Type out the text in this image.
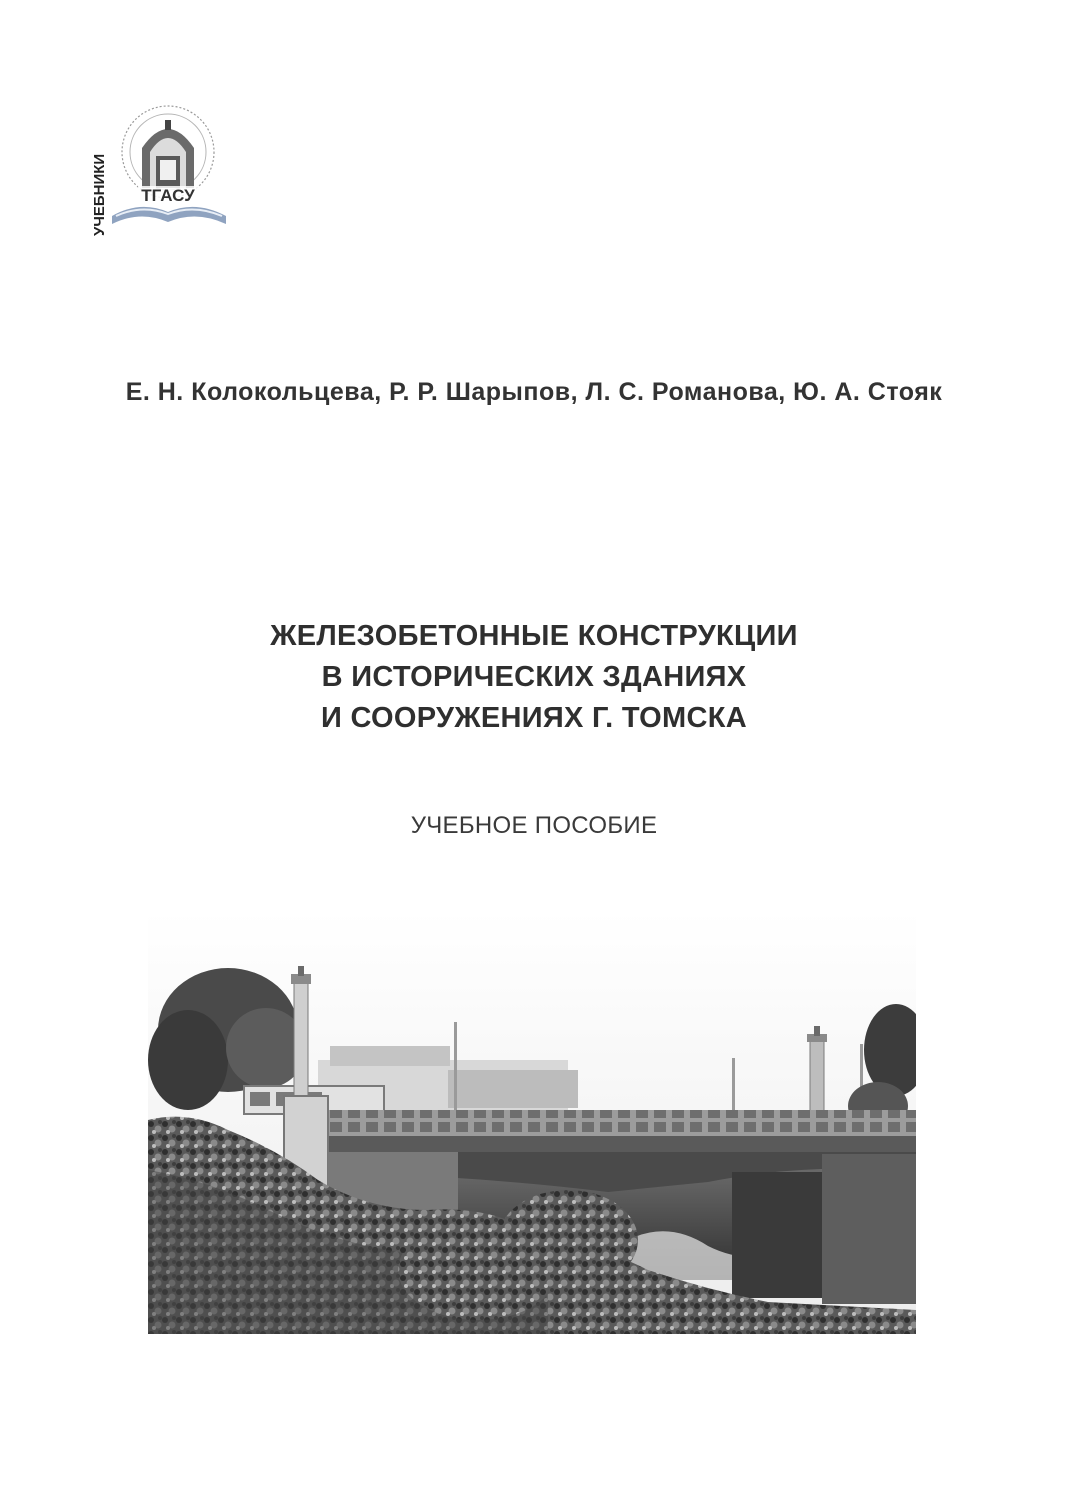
УЧЕБНИКИ ТГАСУ
Е. Н. Колокольцева, Р. Р. Шарыпов, Л. С. Романова, Ю. А. Стояк
ЖЕЛЕЗОБЕТОННЫЕ КОНСТРУКЦИИ
В ИСТОРИЧЕСКИХ ЗДАНИЯХ
И СООРУЖЕНИЯХ Г. ТОМСКА
УЧЕБНОЕ ПОСОБИЕ
